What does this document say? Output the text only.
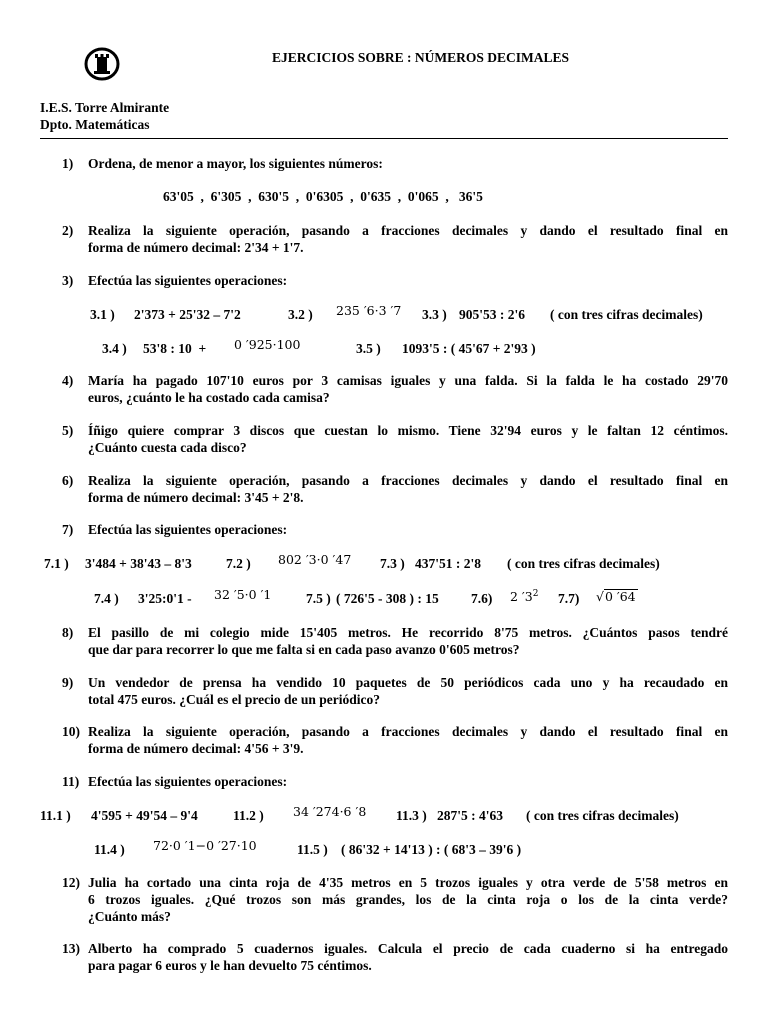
EJERCICIOS SOBRE : NÚMEROS DECIMALES
I.E.S. Torre Almirante
Dpto. Matemáticas
1) Ordena, de menor a mayor, los siguientes números:
63'05  ,  6'305  ,  630'5  ,  0'6305  ,  0'635  ,  0'065  ,   36'5
2) Realiza la siguiente operación, pasando a fracciones decimales y dando el resultado final en
forma de número decimal: 2'34 + 1'7.
3) Efectúa las siguientes operaciones:
3.1 ) 2'373 + 25'32 – 7'2	3.2 ) 235 ′6·3 ′7 3.3 ) 905'53 : 2'6 ( con tres cifras decimales)
3.4 ) 53'8 : 10  + 0 ′925·100	3.5 ) 1093'5 : ( 45'67 + 2'93 )
4) María ha pagado 107'10 euros por 3 camisas iguales y una falda. Si la falda le ha costado 29'70
euros, ¿cuánto le ha costado cada camisa?
5) Íñigo quiere comprar 3 discos que cuestan lo mismo. Tiene 32'94 euros y le faltan 12 céntimos.
¿Cuánto cuesta cada disco?
6) Realiza la siguiente operación, pasando a fracciones decimales y dando el resultado final en
forma de número decimal: 3'45 + 2'8.
7) Efectúa las siguientes operaciones:
7.1 ) 3'484 + 38'43 – 8'3	7.2 ) 802 ′3·0 ′47 7.3 ) 437'51 : 2'8 ( con tres cifras decimales)
7.4 ) 3'25:0'1 - 32 ′5·0 ′1	7.5 ) ( 726'5 - 308 ) : 15 7.6) 2 $'3^2$ 7.7) √0 ′64
8) El pasillo de mi colegio mide 15'405 metros. He recorrido 8'75 metros. ¿Cuántos pasos tendré
que dar para recorrer lo que me falta si en cada paso avanzo 0'605 metros?
9) Un vendedor de prensa ha vendido 10 paquetes de 50 periódicos cada uno y ha recaudado en
total 475 euros. ¿Cuál es el precio de un periódico?
10) Realiza la siguiente operación, pasando a fracciones decimales y dando el resultado final en
forma de número decimal: 4'56 + 3'9.
11) Efectúa las siguientes operaciones:
11.1 ) 4'595 + 49'54 – 9'4	11.2 ) 34 ′274·6 ′8 11.3 ) 287'5 : 4'63 ( con tres cifras decimales)
11.4 ) 72·0 ′1−0 ′27·10	11.5 ) ( 86'32 + 14'13 ) : ( 68'3 – 39'6 )
12) Julia ha cortado una cinta roja de 4'35 metros en 5 trozos iguales y otra verde de 5'58 metros en
6 trozos iguales. ¿Qué trozos son más grandes, los de la cinta roja o los de la cinta verde?
¿Cuánto más?
13) Alberto ha comprado 5 cuadernos iguales. Calcula el precio de cada cuaderno si ha entregado
para pagar 6 euros y le han devuelto 75 céntimos.
